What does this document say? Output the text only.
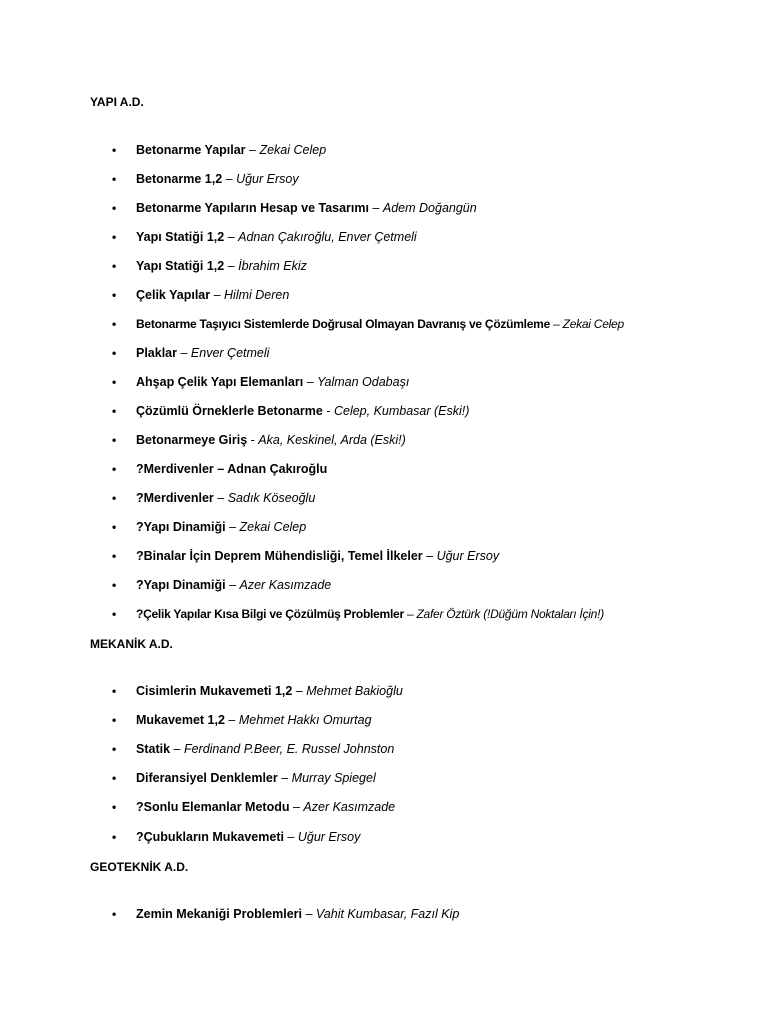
YAPI A.D.
• Betonarme Yapılar – Zekai Celep
• Betonarme 1,2 – Uğur Ersoy
• Betonarme Yapıların Hesap ve Tasarımı – Adem Doğangün
• Yapı Statiği 1,2 – Adnan Çakıroğlu, Enver Çetmeli
• Yapı Statiği 1,2 – İbrahim Ekiz
• Çelik Yapılar – Hilmi Deren
• Betonarme Taşıyıcı Sistemlerde Doğrusal Olmayan Davranış ve Çözümleme – Zekai Celep
• Plaklar – Enver Çetmeli
• Ahşap Çelik Yapı Elemanları – Yalman Odabaşı
• Çözümlü Örneklerle Betonarme - Celep, Kumbasar (Eski!)
• Betonarmeye Giriş - Aka, Keskinel, Arda (Eski!)
• ?Merdivenler – Adnan Çakıroğlu
• ?Merdivenler – Sadık Köseoğlu
• ?Yapı Dinamiği – Zekai Celep
• ?Binalar İçin Deprem Mühendisliği, Temel İlkeler – Uğur Ersoy
• ?Yapı Dinamiği – Azer Kasımzade
• ?Çelik Yapılar Kısa Bilgi ve Çözülmüş Problemler – Zafer Öztürk (!Düğüm Noktaları İçin!)
MEKANİK A.D.
• Cisimlerin Mukavemeti 1,2 – Mehmet Bakioğlu
• Mukavemet 1,2 – Mehmet Hakkı Omurtag
• Statik – Ferdinand P.Beer, E. Russel Johnston
• Diferansiyel Denklemler – Murray Spiegel
• ?Sonlu Elemanlar Metodu – Azer Kasımzade
• ?Çubukların Mukavemeti – Uğur Ersoy
GEOTEKNİK A.D.
• Zemin Mekaniği Problemleri – Vahit Kumbasar, Fazıl Kip
